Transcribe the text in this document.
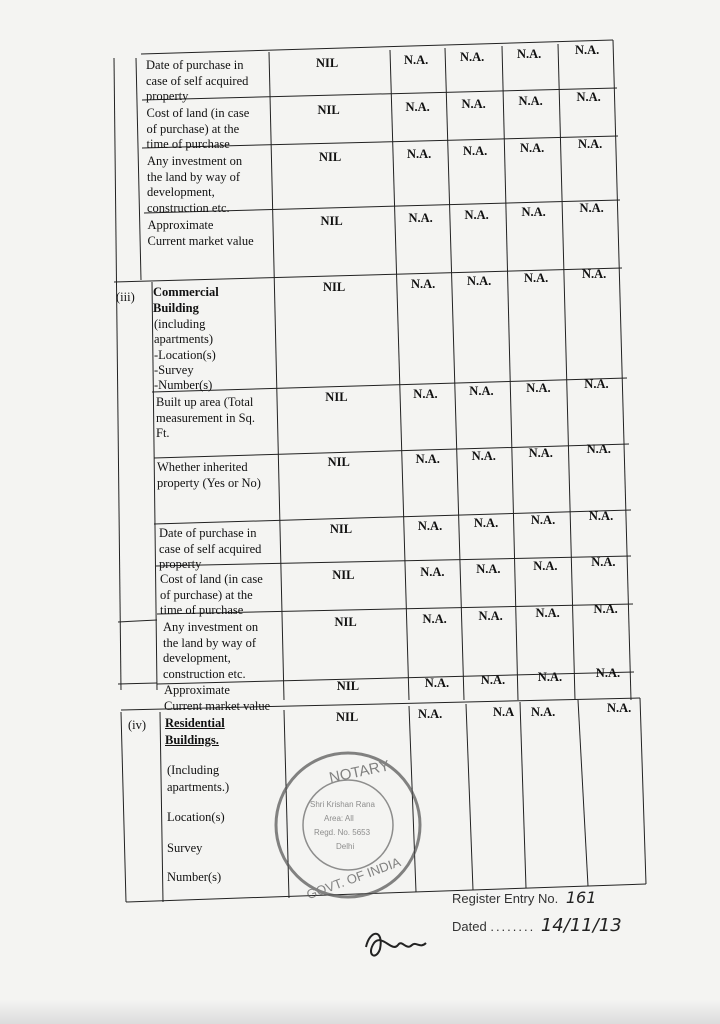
Date of purchase in
case of self acquired
property
NIL	N.A.	N.A.	N.A.	N.A.
Cost of land (in case
of purchase) at the
time of purchase
NIL	N.A.	N.A.	N.A.	N.A.
Any investment on
the land by way of
development,
construction etc.
NIL	N.A.	N.A.	N.A.	N.A.
Approximate
Current market value
NIL	N.A.	N.A.	N.A.	N.A.
(iii) Commercial
Building
(including
apartments)
-Location(s)
-Survey
-Number(s)
NIL	N.A.	N.A.	N.A.	N.A.
Built up area (Total
measurement in Sq.
Ft.
NIL	N.A.	N.A.	N.A.	N.A.
Whether inherited
property (Yes or No)
NIL	N.A.	N.A.	N.A.	N.A.
Date of purchase in
case of self acquired
property
NIL	N.A.	N.A.	N.A.	N.A.
Cost of land (in case
of purchase) at the
time of purchase
NIL	N.A.	N.A.	N.A.	N.A.
Any investment on
the land by way of
development,
construction etc.
NIL	N.A.	N.A.	N.A.	N.A.
Approximate
Current market value
NIL	N.A.	N.A.	N.A.	N.A.
(iv) Residential
Buildings.
(Including
apartments.)
Location(s)
Survey
Number(s)
NIL	N.A.	N.A N.A.	N.A.
NOTARY
GOVT. OF INDIA
Shri Krishan Rana
Area: All
Regd. No. 5653
Delhi
Register Entry No. 161
Dated ........ 14/11/13
